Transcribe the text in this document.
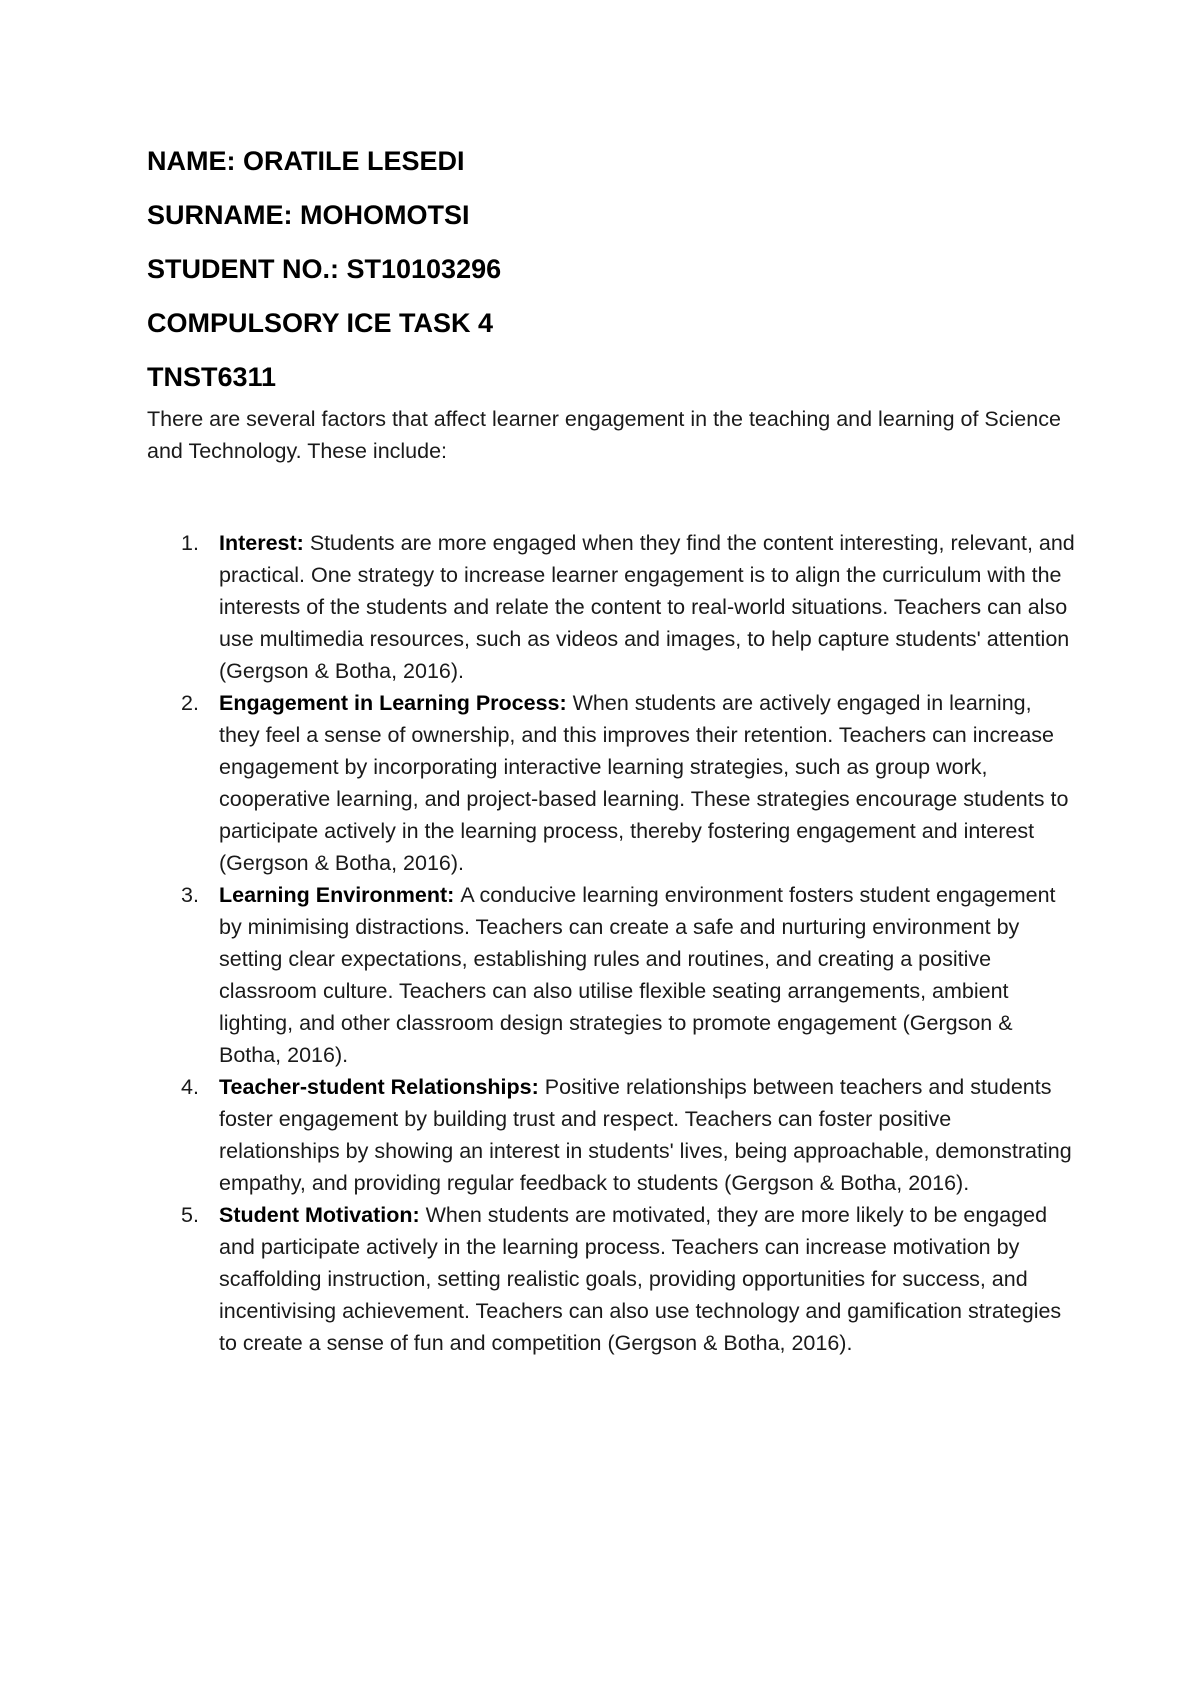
NAME: ORATILE LESEDI
SURNAME: MOHOMOTSI
STUDENT NO.: ST10103296
COMPULSORY ICE TASK 4
TNST6311

There are several factors that affect learner engagement in the teaching and learning of Science and Technology. These include:

1. Interest: Students are more engaged when they find the content interesting, relevant, and practical. One strategy to increase learner engagement is to align the curriculum with the interests of the students and relate the content to real-world situations. Teachers can also use multimedia resources, such as videos and images, to help capture students' attention (Gergson & Botha, 2016).
2. Engagement in Learning Process: When students are actively engaged in learning, they feel a sense of ownership, and this improves their retention. Teachers can increase engagement by incorporating interactive learning strategies, such as group work, cooperative learning, and project-based learning. These strategies encourage students to participate actively in the learning process, thereby fostering engagement and interest (Gergson & Botha, 2016).
3. Learning Environment: A conducive learning environment fosters student engagement by minimising distractions. Teachers can create a safe and nurturing environment by setting clear expectations, establishing rules and routines, and creating a positive classroom culture. Teachers can also utilise flexible seating arrangements, ambient lighting, and other classroom design strategies to promote engagement (Gergson & Botha, 2016).
4. Teacher-student Relationships: Positive relationships between teachers and students foster engagement by building trust and respect. Teachers can foster positive relationships by showing an interest in students' lives, being approachable, demonstrating empathy, and providing regular feedback to students (Gergson & Botha, 2016).
5. Student Motivation: When students are motivated, they are more likely to be engaged and participate actively in the learning process. Teachers can increase motivation by scaffolding instruction, setting realistic goals, providing opportunities for success, and incentivising achievement. Teachers can also use technology and gamification strategies to create a sense of fun and competition (Gergson & Botha, 2016).
